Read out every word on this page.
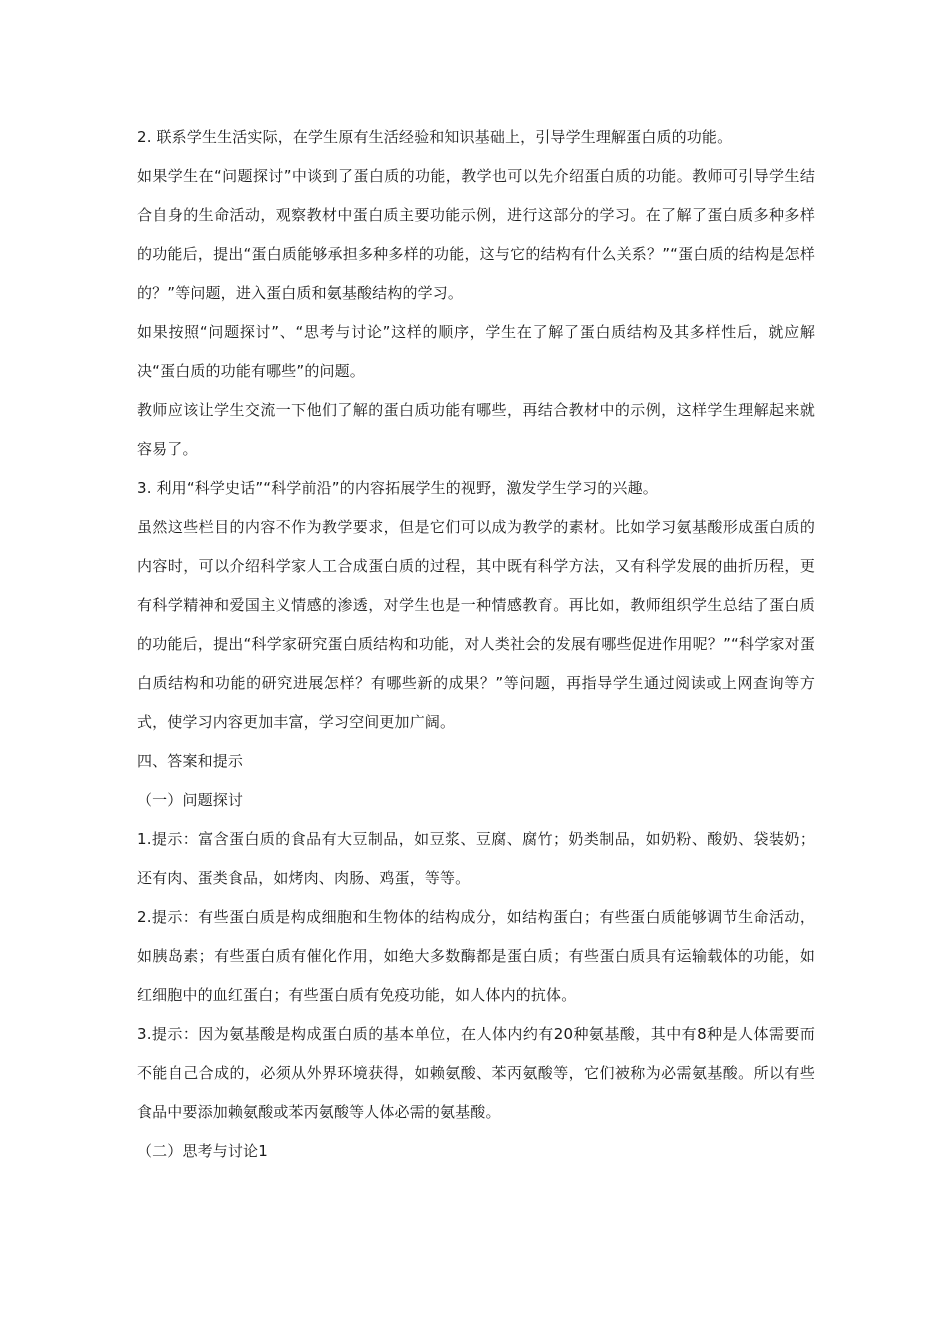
2. 联系学生生活实际，在学生原有生活经验和知识基础上，引导学生理解蛋白质的功能。

如果学生在“问题探讨”中谈到了蛋白质的功能，教学也可以先介绍蛋白质的功能。教师可引导学生结合自身的生命活动，观察教材中蛋白质主要功能示例，进行这部分的学习。在了解了蛋白质多种多样的功能后，提出“蛋白质能够承担多种多样的功能，这与它的结构有什么关系？”“蛋白质的结构是怎样的？”等问题，进入蛋白质和氨基酸结构的学习。

如果按照“问题探讨”、“思考与讨论”这样的顺序，学生在了解了蛋白质结构及其多样性后，就应解决“蛋白质的功能有哪些”的问题。

教师应该让学生交流一下他们了解的蛋白质功能有哪些，再结合教材中的示例，这样学生理解起来就容易了。

3. 利用“科学史话”“科学前沿”的内容拓展学生的视野，激发学生学习的兴趣。

虽然这些栏目的内容不作为教学要求，但是它们可以成为教学的素材。比如学习氨基酸形成蛋白质的内容时，可以介绍科学家人工合成蛋白质的过程，其中既有科学方法，又有科学发展的曲折历程，更有科学精神和爱国主义情感的渗透，对学生也是一种情感教育。再比如，教师组织学生总结了蛋白质的功能后，提出“科学家研究蛋白质结构和功能，对人类社会的发展有哪些促进作用呢？”“科学家对蛋白质结构和功能的研究进展怎样？有哪些新的成果？”等问题，再指导学生通过阅读或上网查询等方式，使学习内容更加丰富，学习空间更加广阔。

四、答案和提示

（一）问题探讨

1.提示：富含蛋白质的食品有大豆制品，如豆浆、豆腐、腐竹；奶类制品，如奶粉、酸奶、袋装奶；还有肉、蛋类食品，如烤肉、肉肠、鸡蛋，等等。

2.提示：有些蛋白质是构成细胞和生物体的结构成分，如结构蛋白；有些蛋白质能够调节生命活动，如胰岛素；有些蛋白质有催化作用，如绝大多数酶都是蛋白质；有些蛋白质具有运输载体的功能，如红细胞中的血红蛋白；有些蛋白质有免疫功能，如人体内的抗体。

3.提示：因为氨基酸是构成蛋白质的基本单位，在人体内约有20种氨基酸，其中有8种是人体需要而不能自己合成的，必须从外界环境获得，如赖氨酸、苯丙氨酸等，它们被称为必需氨基酸。所以有些食品中要添加赖氨酸或苯丙氨酸等人体必需的氨基酸。

（二）思考与讨论1
